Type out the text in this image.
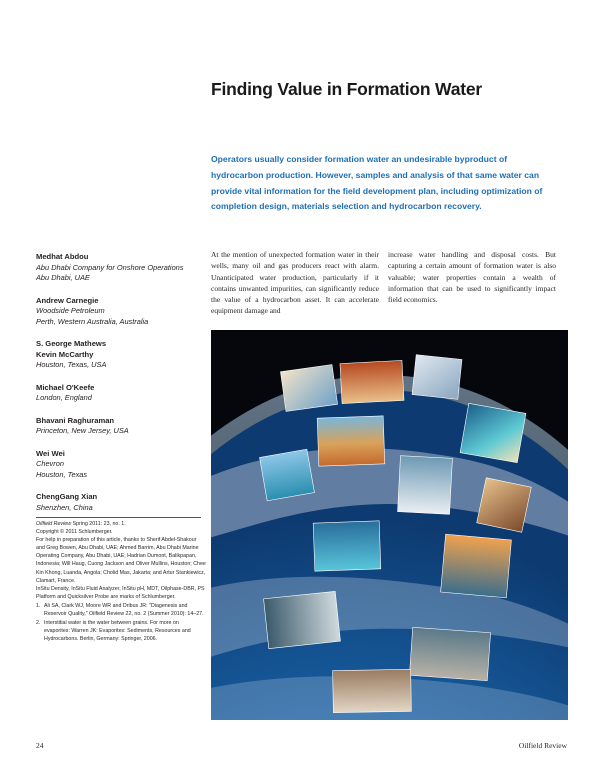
Finding Value in Formation Water

Operators usually consider formation water an undesirable byproduct of hydrocarbon production. However, samples and analysis of that same water can provide vital information for the field development plan, including optimization of completion design, materials selection and hydrocarbon recovery.

Medhat Abdou
Abu Dhabi Company for Onshore Operations
Abu Dhabi, UAE
Andrew Carnegie
Woodside Petroleum
Perth, Western Australia, Australia
S. George Mathews
Kevin McCarthy
Houston, Texas, USA
Michael O'Keefe
London, England
Bhavani Raghuraman
Princeton, New Jersey, USA
Wei Wei
Chevron
Houston, Texas
ChengGang Xian
Shenzhen, China

Oilfield Review Spring 2011: 23, no. 1.

Copyright © 2011 Schlumberger.

For help in preparation of this article, thanks to Sherif Abdel-Shakour and Greg Bowen, Abu Dhabi, UAE; Ahmed Barrim, Abu Dhabi Marine Operating Company, Abu Dhabi, UAE; Hadrian Dumont, Balikpapan, Indonesia; Will Haug, Cuong Jackson and Oliver Mullins, Houston; Chee Kin Khong, Luanda, Angola; Cholid Mas, Jakarta; and Artur Stankiewicz, Clamart, France.

InSitu Density, InSitu Fluid Analyzer, InSitu pH, MDT, Oilphase-DBR, PS Platform and Quicksilver Probe are marks of Schlumberger.

1. Ali SA, Clark WJ, Moore WR and Dribus JR: "Diagenesis and Reservoir Quality," Oilfield Review 22, no. 2 (Summer 2010): 14–27.
2. Interstitial water is the water between grains. For more on evaporites: Warren JK: Evaporites: Sediments, Resources and Hydrocarbons. Berlin, Germany: Springer, 2006.
At the mention of unexpected formation water in their wells, many oil and gas producers react with alarm. Unanticipated water production, particularly if it contains unwanted impurities, can significantly reduce the value of a hydrocarbon asset. It can accelerate equipment damage and
increase water handling and disposal costs. But capturing a certain amount of formation water is also valuable; water properties contain a wealth of information that can be used to significantly impact field economics.
24	Oilfield Review
